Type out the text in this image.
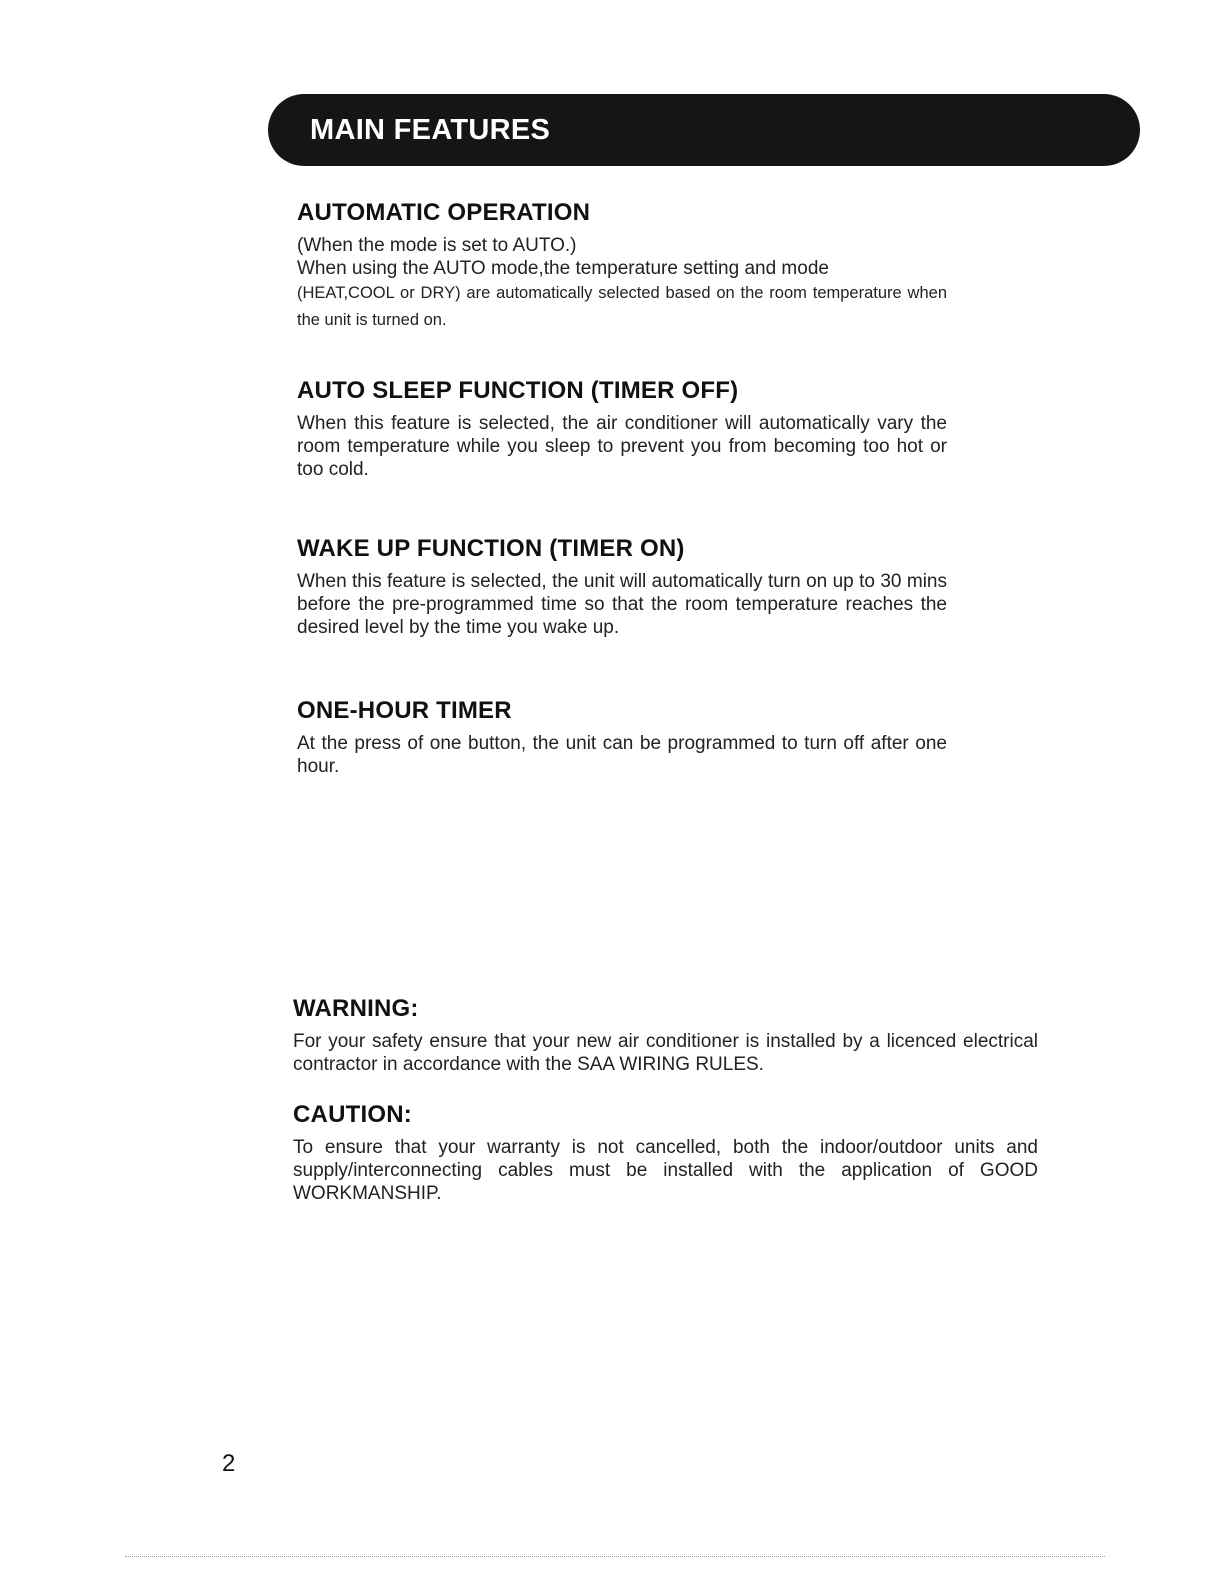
MAIN FEATURES
AUTOMATIC OPERATION

(When the mode is set to AUTO.)

When using the AUTO mode,the temperature setting and mode

(HEAT,COOL or DRY) are automatically selected based on the room temperature when the unit is turned on.

AUTO SLEEP FUNCTION (TIMER OFF)

When this feature is selected, the air conditioner will automatically vary the room temperature while you sleep to prevent you from becoming too hot or too cold.

WAKE UP FUNCTION (TIMER ON)

When this feature is selected, the unit will automatically turn on up to 30 mins before the pre-programmed time so that the room temperature reaches the desired level by the time you wake up.

ONE-HOUR TIMER

At the press of one button, the unit can be programmed to turn off after one hour.

WARNING:

For your safety ensure that your new air conditioner is installed by a licenced electrical contractor in accordance with the SAA WIRING RULES.

CAUTION:

To ensure that your warranty is not cancelled, both the indoor/outdoor units and supply/interconnecting cables must be installed with the application of GOOD WORKMANSHIP.

2
